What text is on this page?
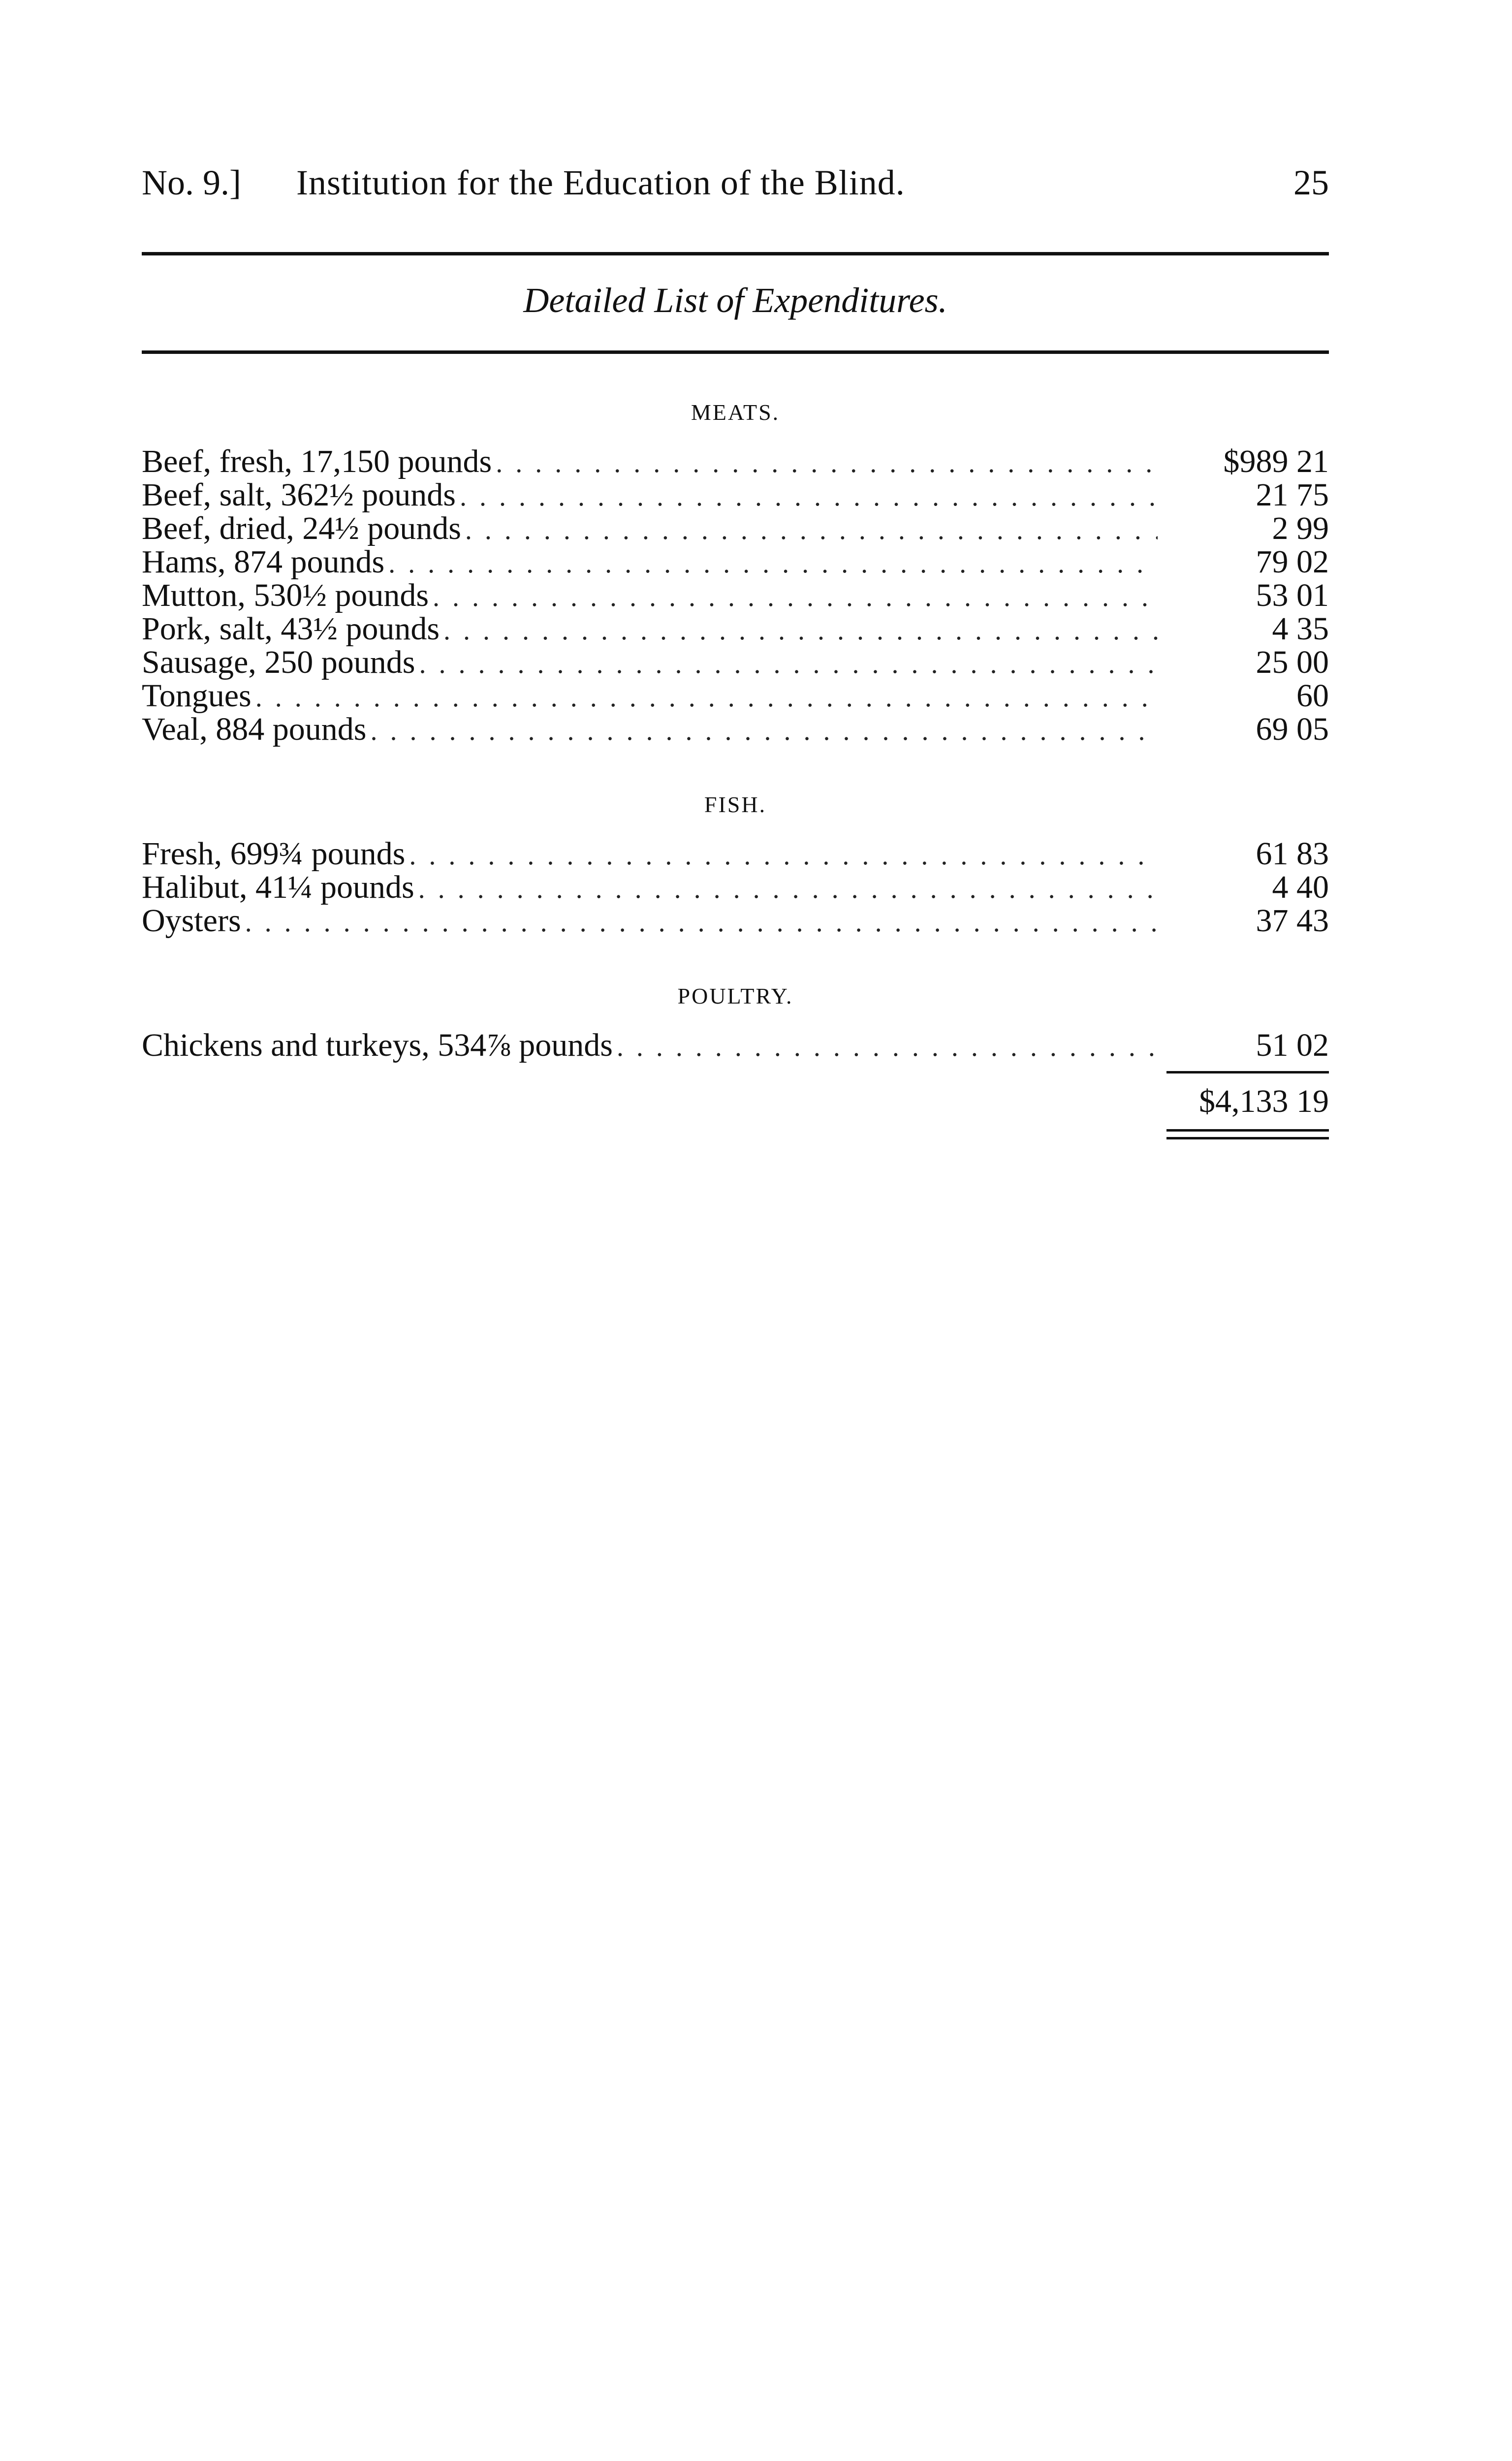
No. 9.] Institution for the Education of the Blind.	25
Detailed List of Expenditures.
MEATS.
Beef, fresh, 17,150 pounds . . .	$989 21
Beef, salt, 362½ pounds . . .	21 75
Beef, dried, 24½ pounds . . .	2 99
Hams, 874 pounds . . .	79 02
Mutton, 530½ pounds . . .	53 01
Pork, salt, 43½ pounds . . .	4 35
Sausage, 250 pounds . . .	25 00
Tongues . . .	60
Veal, 884 pounds . . .	69 05
FISH.
Fresh, 699¾ pounds . . .	61 83
Halibut, 41¼ pounds . . .	4 40
Oysters . . .	37 43
POULTRY.
Chickens and turkeys, 534⅞ pounds . . .	51 02
$4,133 19
